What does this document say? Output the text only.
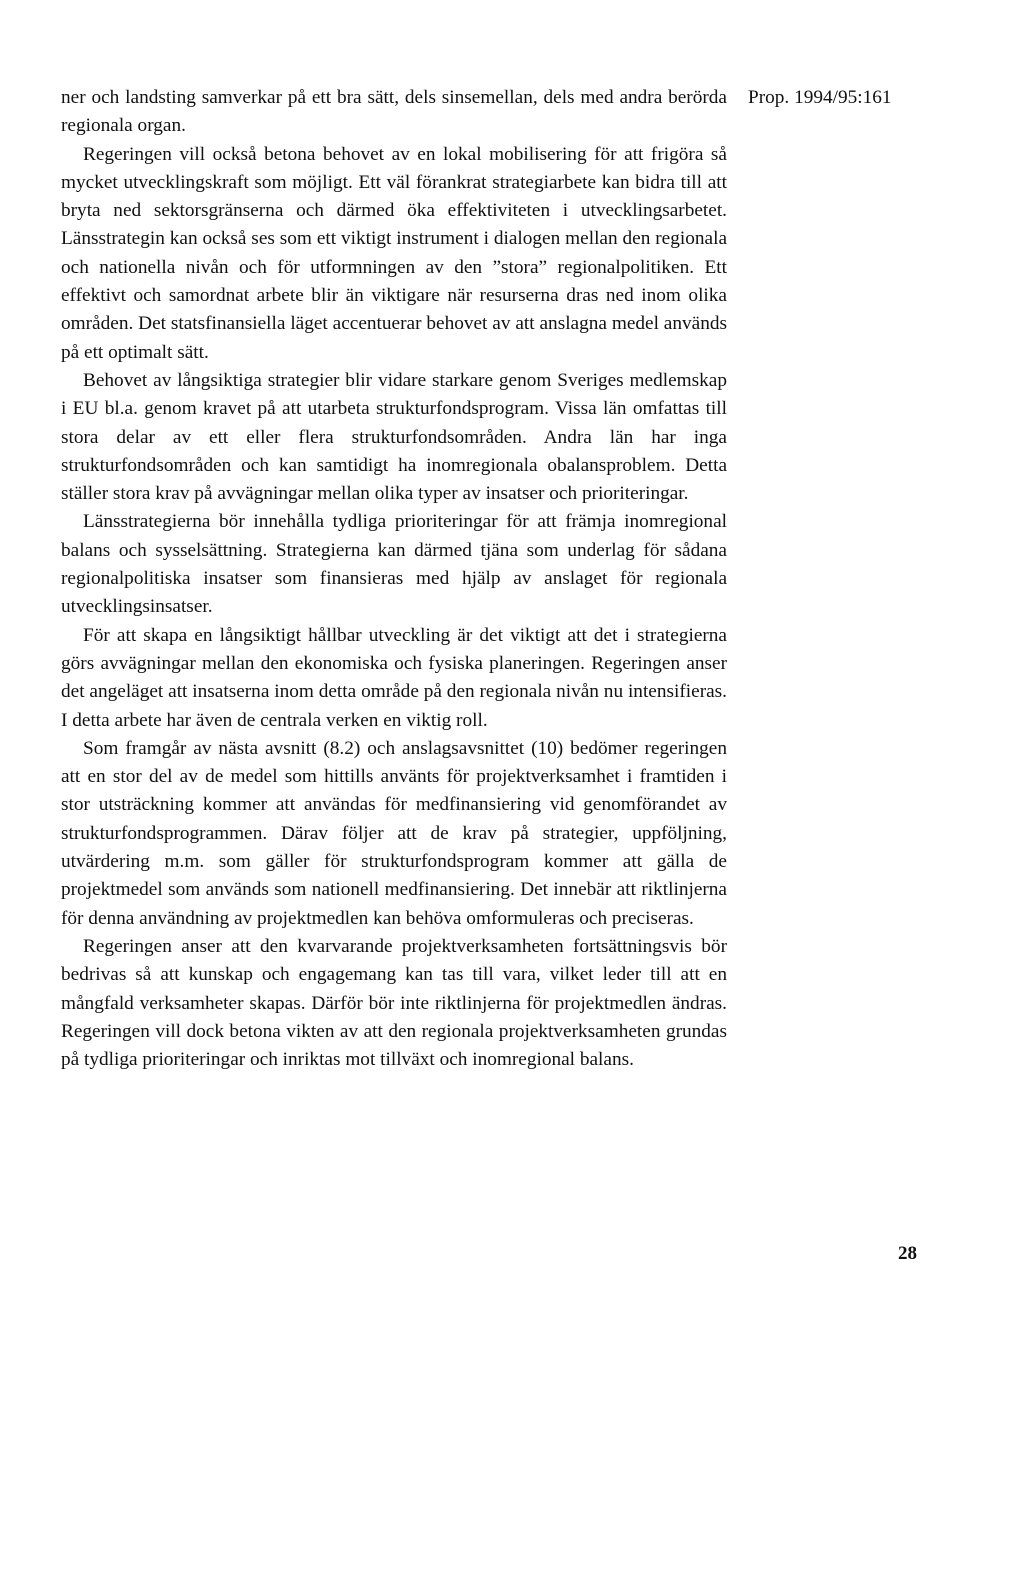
Prop. 1994/95:161

ner och landsting samverkar på ett bra sätt, dels sinsemellan, dels med andra berörda regionala organ.

Regeringen vill också betona behovet av en lokal mobilisering för att frigöra så mycket utvecklingskraft som möjligt. Ett väl förankrat strategiarbete kan bidra till att bryta ned sektorsgränserna och därmed öka effektiviteten i utvecklingsarbetet. Länsstrategin kan också ses som ett viktigt instrument i dialogen mellan den regionala och nationella nivån och för utformningen av den ”stora” regionalpolitiken. Ett effektivt och samordnat arbete blir än viktigare när resurserna dras ned inom olika områden. Det statsfinansiella läget accentuerar behovet av att anslagna medel används på ett optimalt sätt.

Behovet av långsiktiga strategier blir vidare starkare genom Sveriges medlemskap i EU bl.a. genom kravet på att utarbeta strukturfondsprogram. Vissa län omfattas till stora delar av ett eller flera strukturfondsområden. Andra län har inga strukturfondsområden och kan samtidigt ha inomregionala obalansproblem. Detta ställer stora krav på avvägningar mellan olika typer av insatser och prioriteringar.

Länsstrategierna bör innehålla tydliga prioriteringar för att främja inomregional balans och sysselsättning. Strategierna kan därmed tjäna som underlag för sådana regionalpolitiska insatser som finansieras med hjälp av anslaget för regionala utvecklingsinsatser.

För att skapa en långsiktigt hållbar utveckling är det viktigt att det i strategierna görs avvägningar mellan den ekonomiska och fysiska planeringen. Regeringen anser det angeläget att insatserna inom detta område på den regionala nivån nu intensifieras. I detta arbete har även de centrala verken en viktig roll.

Som framgår av nästa avsnitt (8.2) och anslagsavsnittet (10) bedömer regeringen att en stor del av de medel som hittills använts för projektverksamhet i framtiden i stor utsträckning kommer att användas för medfinansiering vid genomförandet av strukturfondsprogrammen. Därav följer att de krav på strategier, uppföljning, utvärdering m.m. som gäller för strukturfondsprogram kommer att gälla de projektmedel som används som nationell medfinansiering. Det innebär att riktlinjerna för denna användning av projektmedlen kan behöva omformuleras och preciseras.

Regeringen anser att den kvarvarande projektverksamheten fortsättningsvis bör bedrivas så att kunskap och engagemang kan tas till vara, vilket leder till att en mångfald verksamheter skapas. Därför bör inte riktlinjerna för projektmedlen ändras. Regeringen vill dock betona vikten av att den regionala projektverksamheten grundas på tydliga prioriteringar och inriktas mot tillväxt och inomregional balans.

28
